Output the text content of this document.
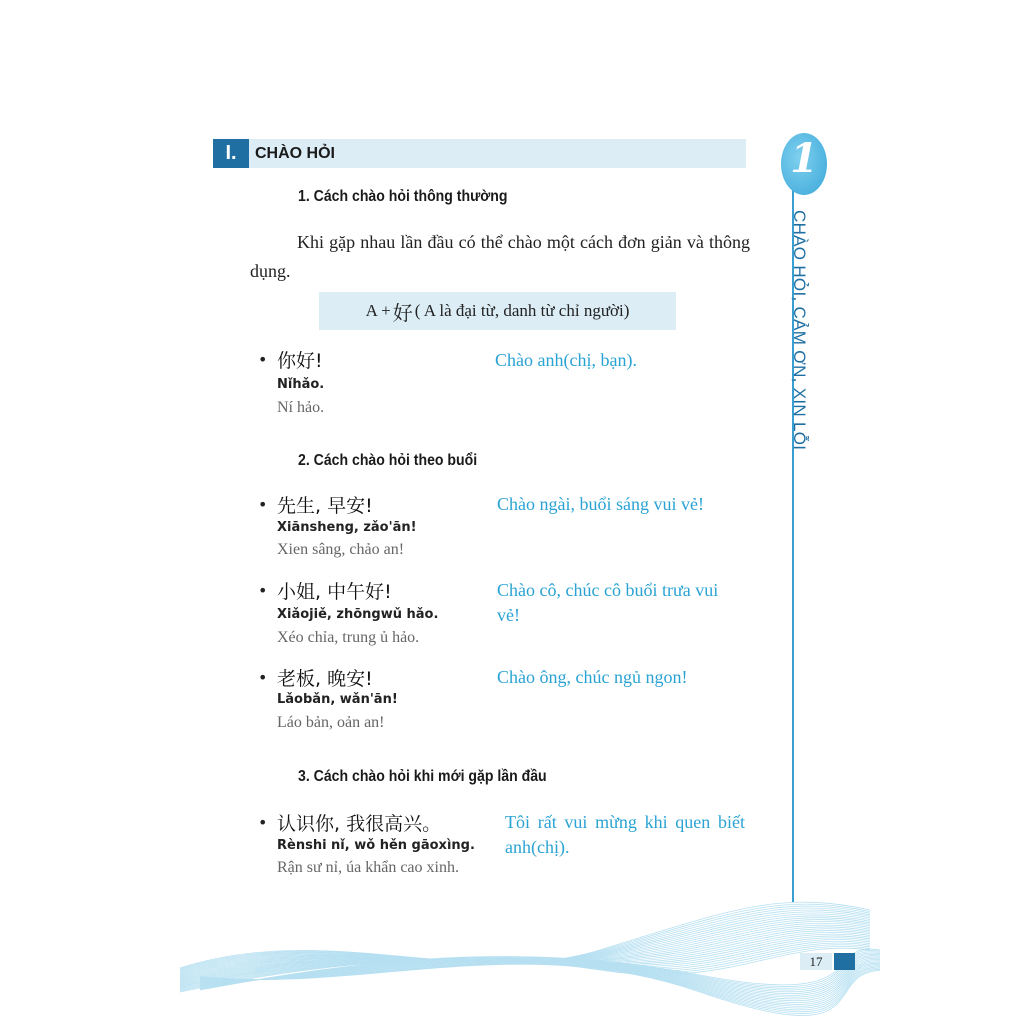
I.	CHÀO HỎI
1. Cách chào hỏi thông thường
Khi gặp nhau lần đầu có thể chào một cách đơn giản và thông dụng.
A + 好 ( A là đại từ, danh từ chỉ người)
• 你好!
Nǐhǎo.
Ní hảo.
Chào anh(chị, bạn).
2. Cách chào hỏi theo buổi
• 先生, 早安!
Xiānsheng, zǎo'ān!
Xien sâng, chảo an!
Chào ngài, buổi sáng vui vẻ!
• 小姐, 中午好!
Xiǎojiě, zhōngwǔ hǎo.
Xéo chỉa, trung ủ hảo.
Chào cô, chúc cô buổi trưa vui vẻ!
• 老板, 晚安!
Lǎobǎn, wǎn'ān!
Láo bản, oản an!
Chào ông, chúc ngủ ngon!
3. Cách chào hỏi khi mới gặp lần đầu
• 认识你, 我很高兴。
Rènshi nǐ, wǒ hěn gāoxìng.
Rận sư nỉ, úa khẩn cao xinh.
Tôi rất vui mừng khi quen biết anh(chị).
1
CHÀO HỎI, CẢM ƠN, XIN LỖI
17
